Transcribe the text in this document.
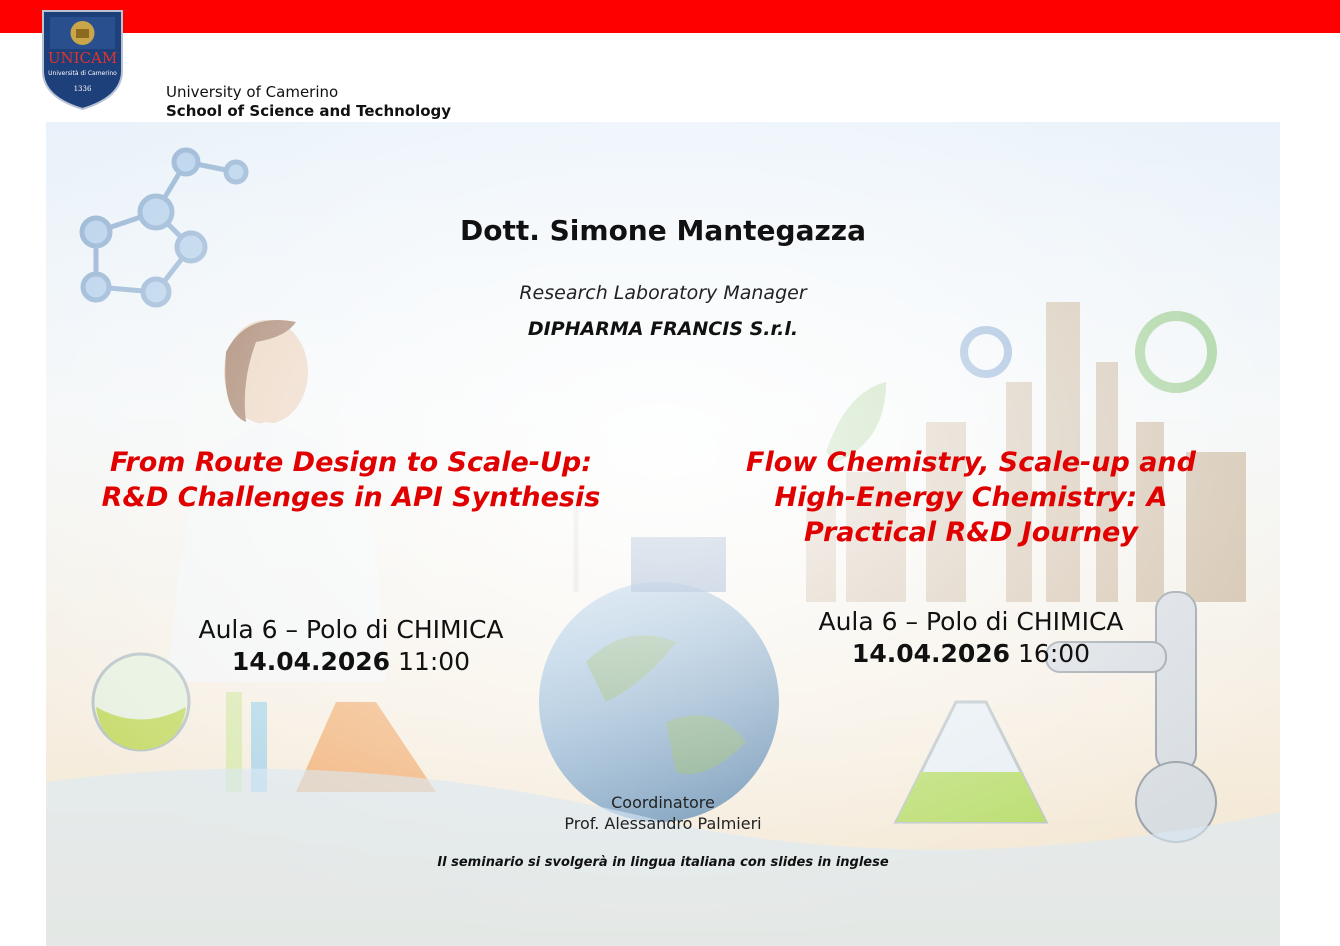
UNICAM
Università di Camerino
1336	University of Camerino
School of Science and Technology
Dott. Simone Mantegazza
Research Laboratory Manager
DIPHARMA FRANCIS S.r.l.
From Route Design to Scale-Up:
R&D Challenges in API Synthesis
Flow Chemistry, Scale-up and
High-Energy Chemistry: A
Practical R&D Journey
Aula 6 – Polo di CHIMICA
14.04.2026 11:00
Aula 6 – Polo di CHIMICA
14.04.2026 16:00
Coordinatore
Prof. Alessandro Palmieri
Il seminario si svolgerà in lingua italiana con slides in inglese
